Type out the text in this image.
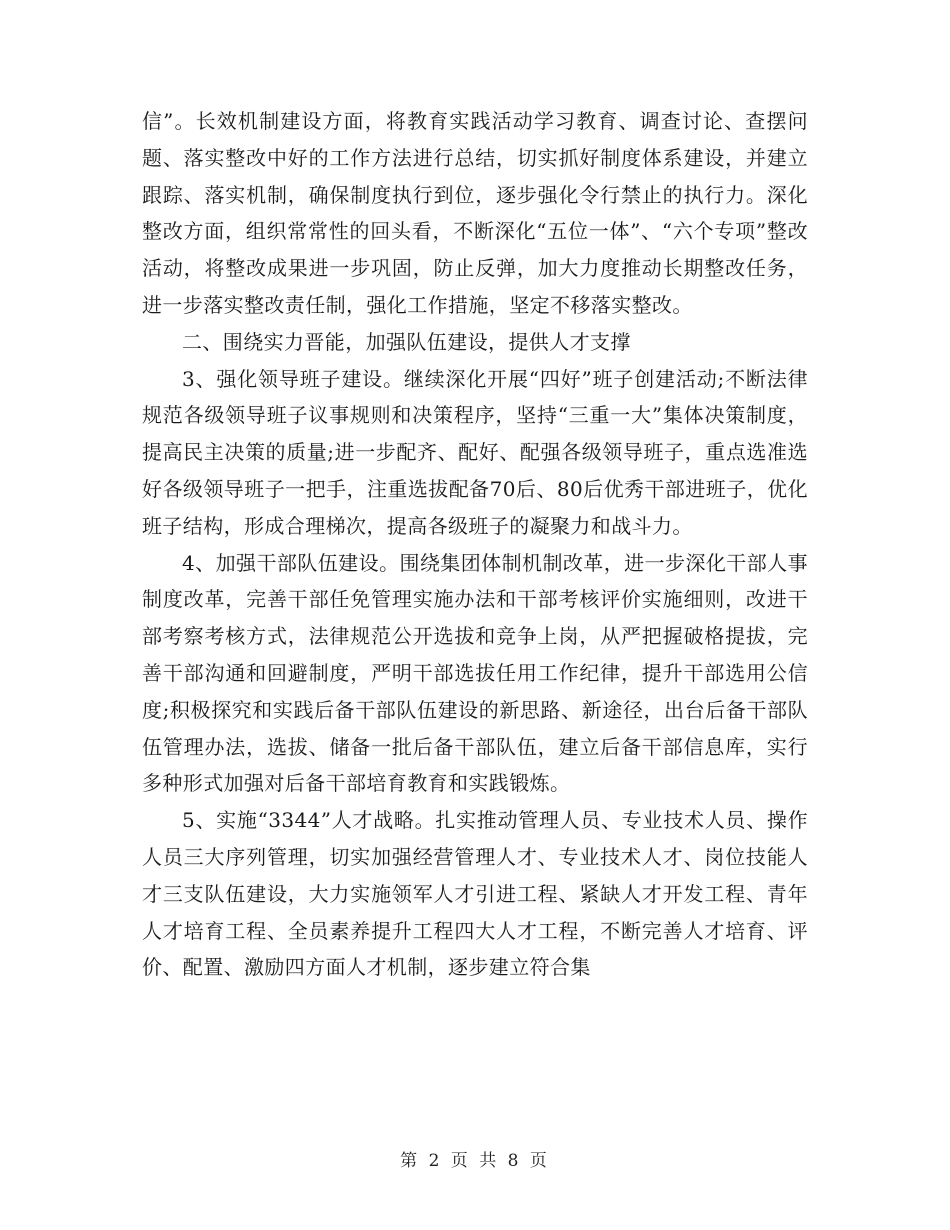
信”。长效机制建设方面，将教育实践活动学习教育、调查讨论、查摆问题、落实整改中好的工作方法进行总结，切实抓好制度体系建设，并建立跟踪、落实机制，确保制度执行到位，逐步强化令行禁止的执行力。深化整改方面，组织常常性的回头看，不断深化“五位一体”、“六个专项”整改活动，将整改成果进一步巩固，防止反弹，加大力度推动长期整改任务，进一步落实整改责任制，强化工作措施，坚定不移落实整改。

二、围绕实力晋能，加强队伍建设，提供人才支撑

3、强化领导班子建设。继续深化开展“四好”班子创建活动;不断法律规范各级领导班子议事规则和决策程序，坚持“三重一大”集体决策制度，提高民主决策的质量;进一步配齐、配好、配强各级领导班子，重点选准选好各级领导班子一把手，注重选拔配备70后、80后优秀干部进班子，优化班子结构，形成合理梯次，提高各级班子的凝聚力和战斗力。

4、加强干部队伍建设。围绕集团体制机制改革，进一步深化干部人事制度改革，完善干部任免管理实施办法和干部考核评价实施细则，改进干部考察考核方式，法律规范公开选拔和竞争上岗，从严把握破格提拔，完善干部沟通和回避制度，严明干部选拔任用工作纪律，提升干部选用公信度;积极探究和实践后备干部队伍建设的新思路、新途径，出台后备干部队伍管理办法，选拔、储备一批后备干部队伍，建立后备干部信息库，实行多种形式加强对后备干部培育教育和实践锻炼。

5、实施“3344”人才战略。扎实推动管理人员、专业技术人员、操作人员三大序列管理，切实加强经营管理人才、专业技术人才、岗位技能人才三支队伍建设，大力实施领军人才引进工程、紧缺人才开发工程、青年人才培育工程、全员素养提升工程四大人才工程，不断完善人才培育、评价、配置、激励四方面人才机制，逐步建立符合集

第 2 页 共 8 页
